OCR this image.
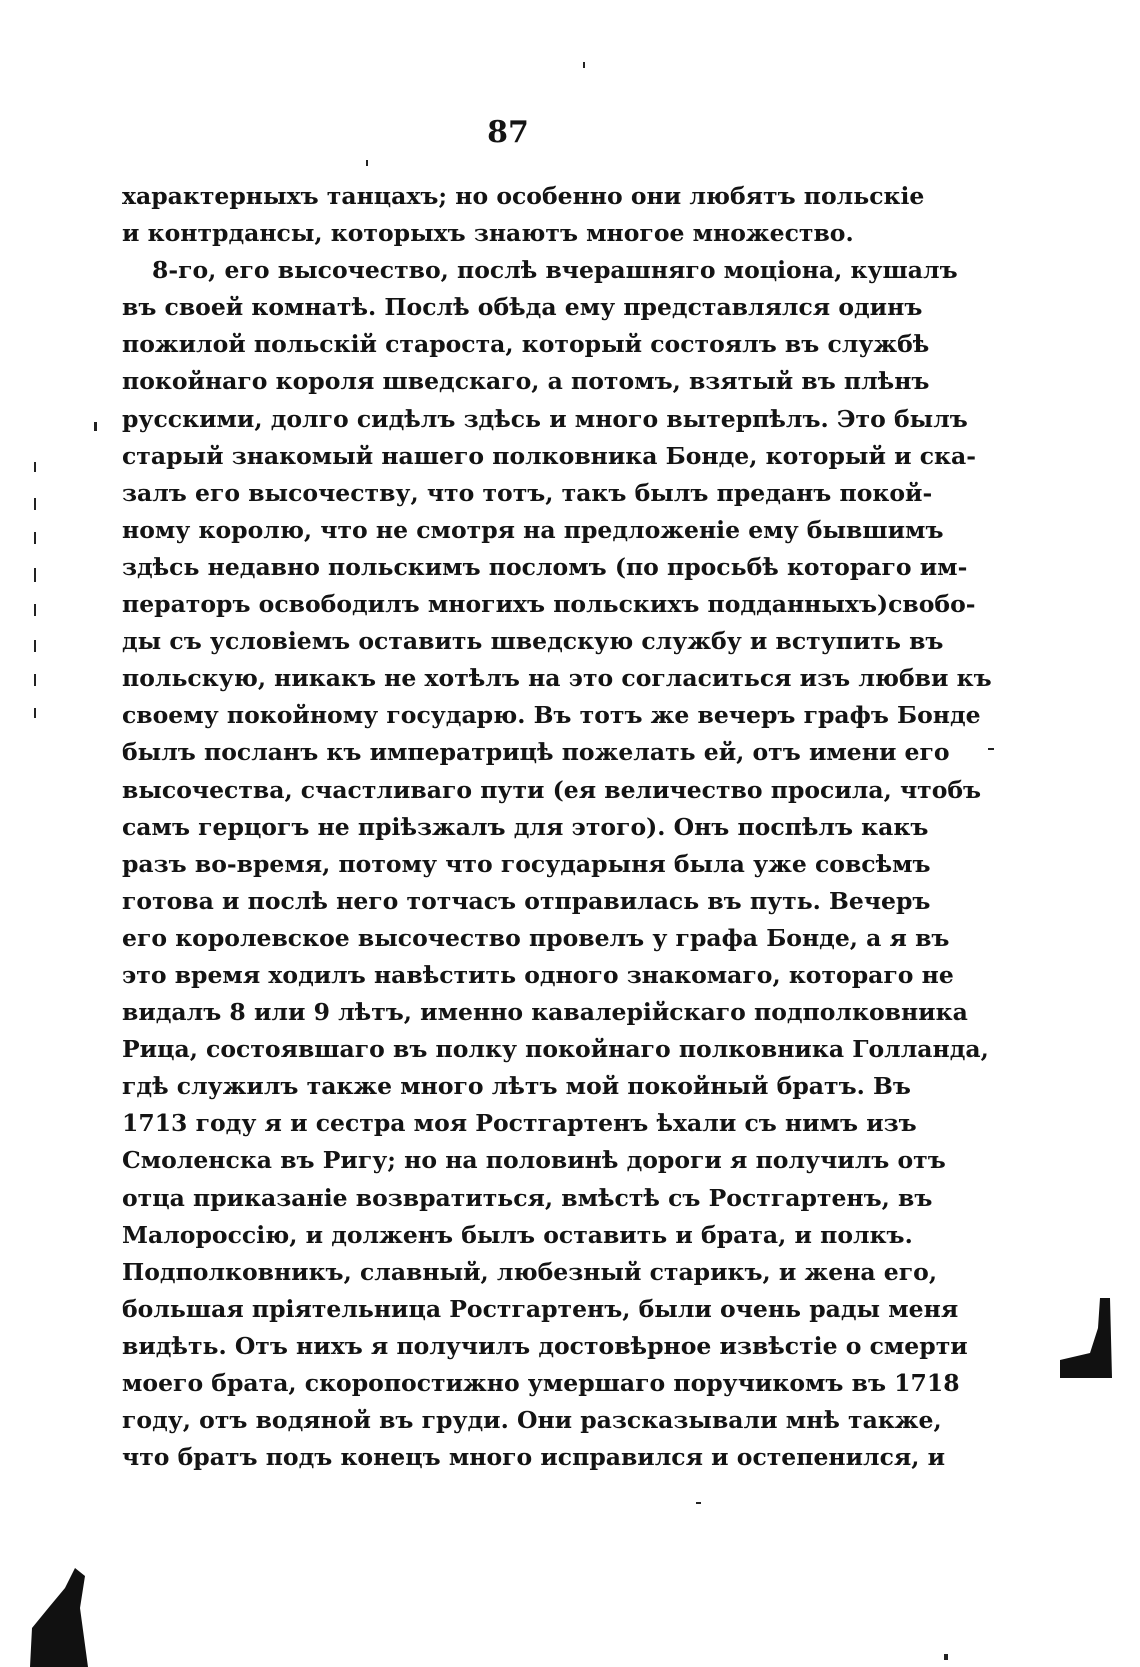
87
характерныхъ танцахъ; но особенно они любятъ польскіе
и контрдансы, которыхъ знаютъ многое множество.
8-го, его высочество, послѣ вчерашняго моціона, кушалъ
въ своей комнатѣ. Послѣ обѣда ему представлялся одинъ
пожилой польскій староста, который состоялъ въ службѣ
покойнаго короля шведскаго, а потомъ, взятый въ плѣнъ
русскими, долго сидѣлъ здѣсь и много вытерпѣлъ. Это былъ
старый знакомый нашего полковника Бонде, который и ска-
залъ его высочеству, что тотъ, такъ былъ преданъ покой-
ному королю, что не смотря на предложеніе ему бывшимъ
здѣсь недавно польскимъ посломъ (по просьбѣ котораго им-
ператоръ освободилъ многихъ польскихъ подданныхъ)свобо-
ды съ условіемъ оставить шведскую службу и вступить въ
польскую, никакъ не хотѣлъ на это согласиться изъ любви къ
своему покойному государю. Въ тотъ же вечеръ графъ Бонде
былъ посланъ къ императрицѣ пожелать ей, отъ имени его
высочества, счастливаго пути (ея величество просила, чтобъ
самъ герцогъ не пріѣзжалъ для этого). Онъ поспѣлъ какъ
разъ во-время, потому что государыня была уже совсѣмъ
готова и послѣ него тотчасъ отправилась въ путь. Вечеръ
его королевское высочество провелъ у графа Бонде, а я въ
это время ходилъ навѣстить одного знакомаго, котораго не
видалъ 8 или 9 лѣтъ, именно кавалерійскаго подполковника
Рица, состоявшаго въ полку покойнаго полковника Голланда,
гдѣ служилъ также много лѣтъ мой покойный братъ. Въ
1713 году я и сестра моя Ростгартенъ ѣхали съ нимъ изъ
Смоленска въ Ригу; но на половинѣ дороги я получилъ отъ
отца приказаніе возвратиться, вмѣстѣ съ Ростгартенъ, въ
Малороссію, и долженъ былъ оставить и брата, и полкъ.
Подполковникъ, славный, любезный старикъ, и жена его,
большая пріятельница Ростгартенъ, были очень рады меня
видѣть. Отъ нихъ я получилъ достовѣрное извѣстіе о смерти
моего брата, скоропостижно умершаго поручикомъ въ 1718
году, отъ водяной въ груди. Они разсказывали мнѣ также,
что братъ подъ конецъ много исправился и остепенился, и
